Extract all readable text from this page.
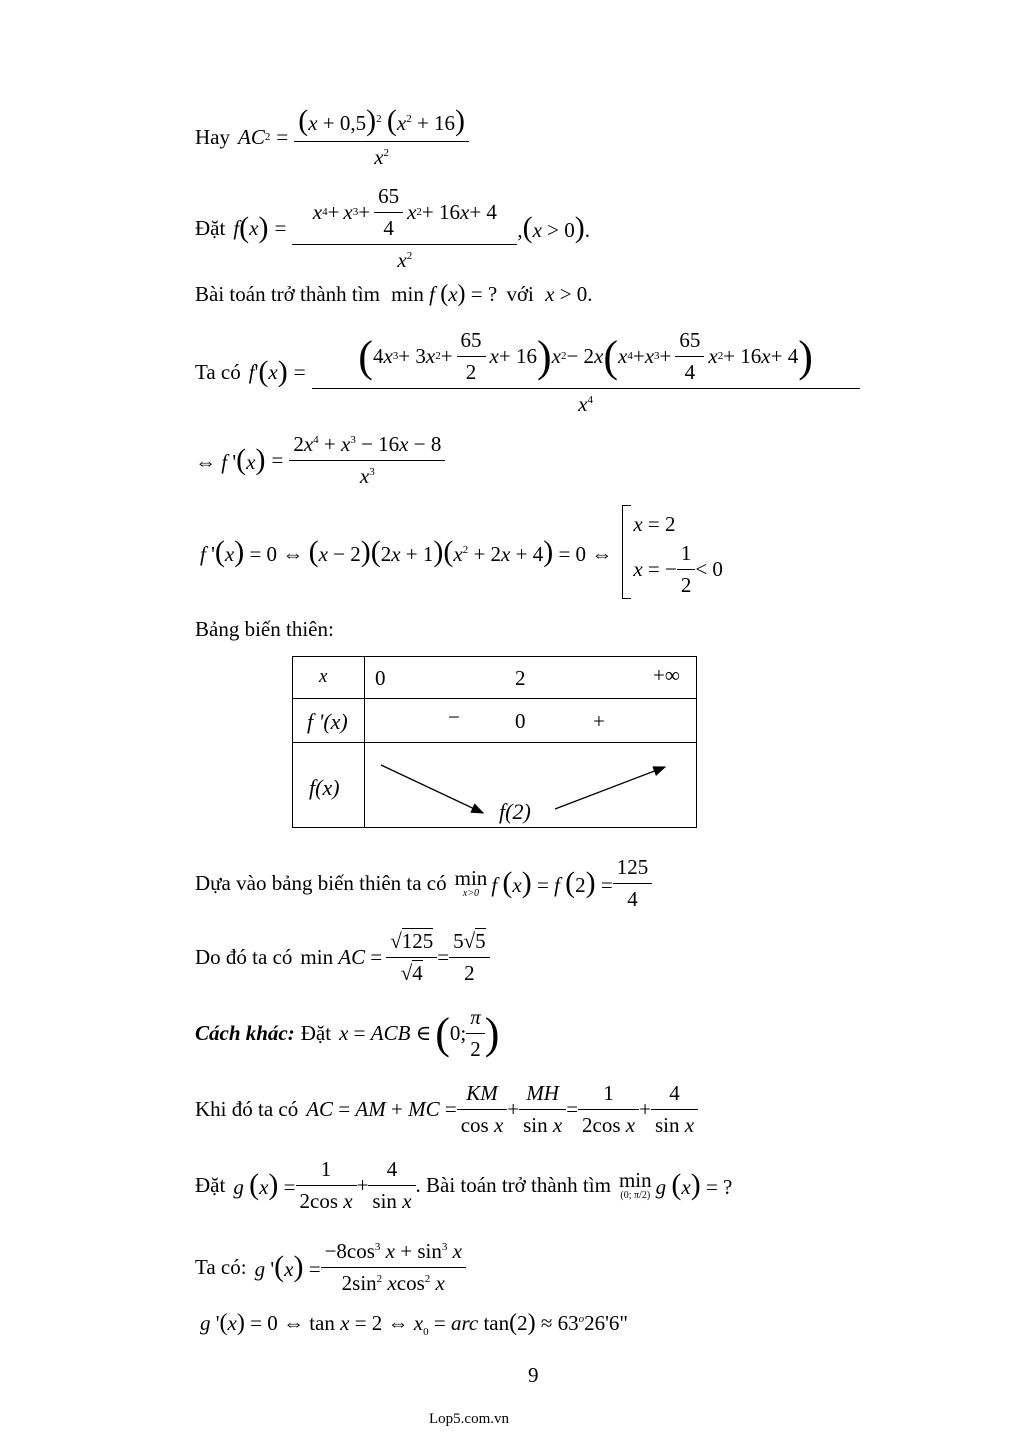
Hay AC $2 = \frac{(x + 0,5)^2 (x^2 + 16)}{x^2}$
Đặt f ( x ) = $\frac{x 4 + x 3 + \frac{65}{4} x 2 + 16 x + 4}{x^2} ,(x > 0)$.
Bài toán trở thành tìm min f (x) = ? với x > 0.
Ta có f ' ( x ) = ( 4 x 3 + 3 x $2 + \frac{65}{2}$ x + 16 ) x 2 − 2 x ( x 4 + x $3 + \frac{65}{4}$ x 2 + 16 x + 4 )
$x^4$
⇔ f '$(x) = \frac{2x^4 + x^3 - 16x - 8}{x^3}$
f '(x) = 0 ⇔ $(x - 2)(2x + 1)(x^2 + 2x + 4) = 0$ ⇔
x = 2
x = − $\frac{1}{2} < 0$
Bảng biến thiên:
x 0	2	+∞
f '(x)	−	0	+
f(x)
f(2)
Dựa vào bảng biến thiên ta có min
x>0 f (x) = f $(2) = \frac{125}{4}$
Do đó ta có min AC = $\frac{√125}{√4} = \frac{5√5}{2}$
Cách khác: Đặt x = ACB ∈ ( 0; $\frac{\pi}{2}$ )
Khi đó ta có AC = AM + MC = $\frac{KM}{\text{cos x}} + \frac{MH}{\text{sin x}} = \frac{1}{\text{2cos x}} + \frac{4}{\text{sin x}}$
Đặt g $(x) = \frac{1}{\text{2cos x}} + \frac{4}{\text{sin x}}$ . Bài toán trở thành tìm min
(0; π/2) g (x) = ?
Ta có: g '$(x) = \frac{-8\cos^3 x + \sin^3 x}{2\sin^2 xcos^2 x}$
g '(x) = 0 ⇔ tan x = 2 ⇔ $x_0$ = arc $\tan(2) \approx 63^o26'6$"
9
Lop5.com.vn
